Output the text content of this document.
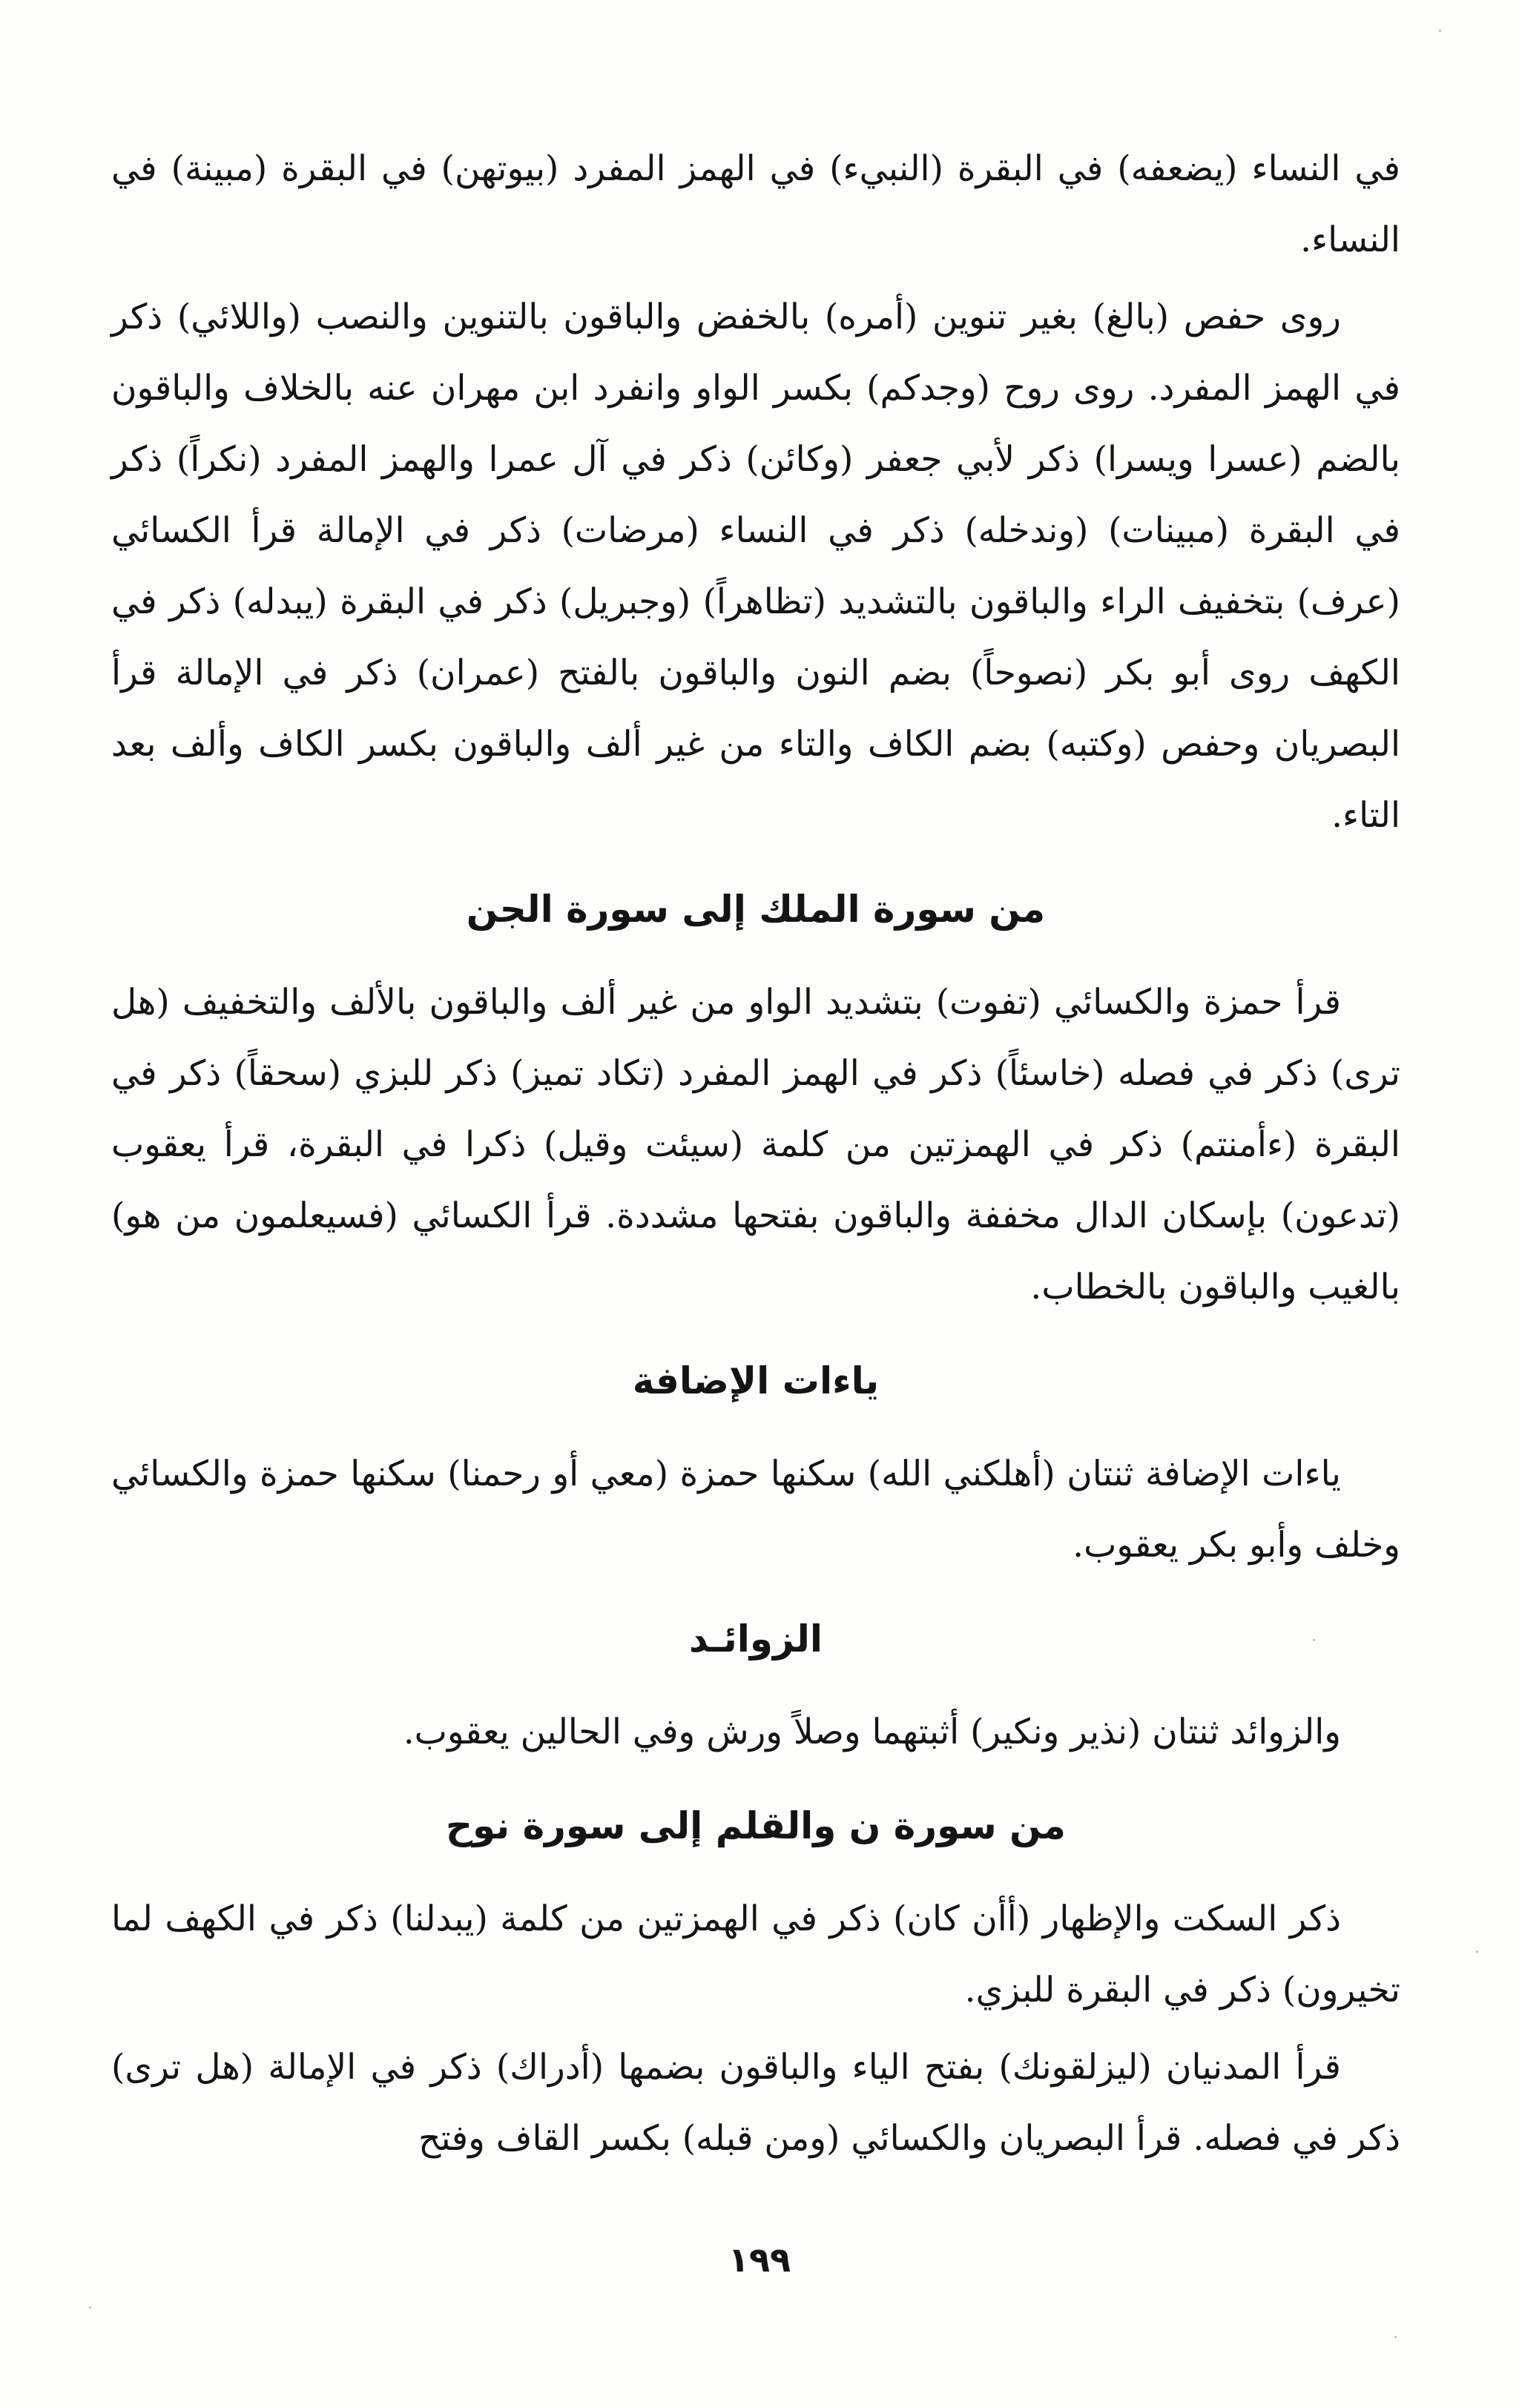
في النساء (يضعفه) في البقرة (النبيء) في الهمز المفرد (بيوتهن) في البقرة (مبينة) في النساء.

روى حفص (بالغ) بغير تنوين (أمره) بالخفض والباقون بالتنوين والنصب (واللائي) ذكر في الهمز المفرد. روى روح (وجدكم) بكسر الواو وانفرد ابن مهران عنه بالخلاف والباقون بالضم (عسرا ويسرا) ذكر لأبي جعفر (وكائن) ذكر في آل عمرا والهمز المفرد (نكراً) ذكر في البقرة (مبينات) (وندخله) ذكر في النساء (مرضات) ذكر في الإمالة قرأ الكسائي (عرف) بتخفيف الراء والباقون بالتشديد (تظاهراً) (وجبريل) ذكر في البقرة (يبدله) ذكر في الكهف روى أبو بكر (نصوحاً) بضم النون والباقون بالفتح (عمران) ذكر في الإمالة قرأ البصريان وحفص (وكتبه) بضم الكاف والتاء من غير ألف والباقون بكسر الكاف وألف بعد التاء.

من سورة الملك إلى سورة الجن

قرأ حمزة والكسائي (تفوت) بتشديد الواو من غير ألف والباقون بالألف والتخفيف (هل ترى) ذكر في فصله (خاسئاً) ذكر في الهمز المفرد (تكاد تميز) ذكر للبزي (سحقاً) ذكر في البقرة (ءأمنتم) ذكر في الهمزتين من كلمة (سيئت وقيل) ذكرا في البقرة، قرأ يعقوب (تدعون) بإسكان الدال مخففة والباقون بفتحها مشددة. قرأ الكسائي (فسيعلمون من هو) بالغيب والباقون بالخطاب.

ياءات الإضافة

ياءات الإضافة ثنتان (أهلكني الله) سكنها حمزة (معي أو رحمنا) سكنها حمزة والكسائي وخلف وأبو بكر يعقوب.

الزوائـد

والزوائد ثنتان (نذير ونكير) أثبتهما وصلاً ورش وفي الحالين يعقوب.

من سورة ن والقلم إلى سورة نوح

ذكر السكت والإظهار (أأن كان) ذكر في الهمزتين من كلمة (يبدلنا) ذكر في الكهف لما تخيرون) ذكر في البقرة للبزي.

قرأ المدنيان (ليزلقونك) بفتح الياء والباقون بضمها (أدراك) ذكر في الإمالة (هل ترى) ذكر في فصله. قرأ البصريان والكسائي (ومن قبله) بكسر القاف وفتح

١٩٩
